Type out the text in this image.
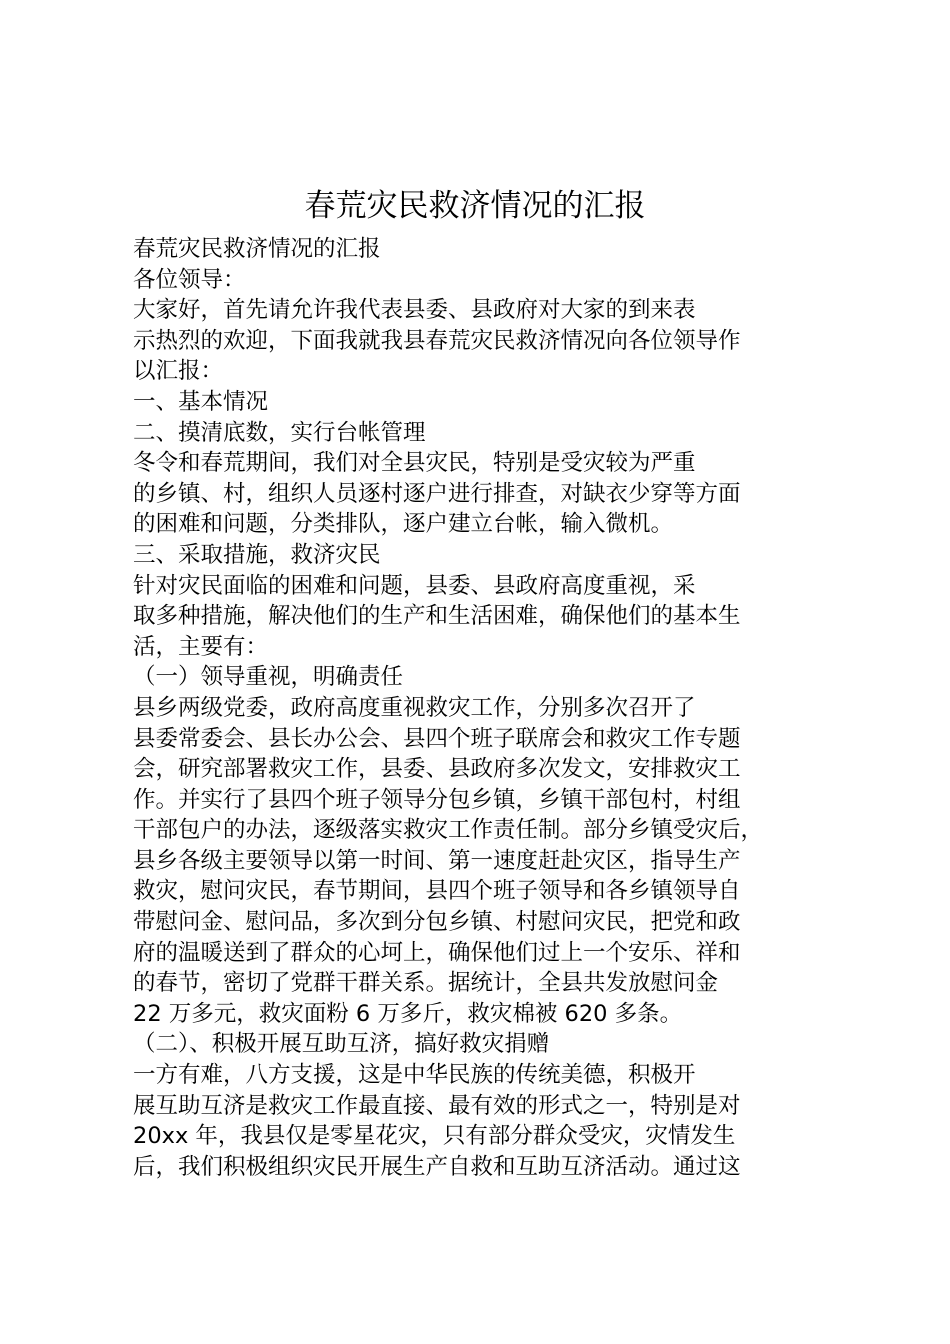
春荒灾民救济情况的汇报

春荒灾民救济情况的汇报

各位领导：

大家好，首先请允许我代表县委、县政府对大家的到来表

示热烈的欢迎，下面我就我县春荒灾民救济情况向各位领导作

以汇报：

一、基本情况

二、摸清底数，实行台帐管理

冬令和春荒期间，我们对全县灾民，特别是受灾较为严重

的乡镇、村，组织人员逐村逐户进行排查，对缺衣少穿等方面

的困难和问题，分类排队，逐户建立台帐，输入微机。

三、采取措施，救济灾民

针对灾民面临的困难和问题，县委、县政府高度重视，采

取多种措施，解决他们的生产和生活困难，确保他们的基本生

活，主要有：

（一）领导重视，明确责任

县乡两级党委，政府高度重视救灾工作，分别多次召开了

县委常委会、县长办公会、县四个班子联席会和救灾工作专题

会，研究部署救灾工作，县委、县政府多次发文，安排救灾工

作。并实行了县四个班子领导分包乡镇，乡镇干部包村，村组

干部包户的办法，逐级落实救灾工作责任制。部分乡镇受灾后，

县乡各级主要领导以第一时间、第一速度赶赴灾区，指导生产

救灾，慰问灾民，春节期间，县四个班子领导和各乡镇领导自

带慰问金、慰问品，多次到分包乡镇、村慰问灾民，把党和政

府的温暖送到了群众的心坷上，确保他们过上一个安乐、祥和

的春节，密切了党群干群关系。据统计，全县共发放慰问金

22 万多元，救灾面粉 6 万多斤，救灾棉被 620 多条。

（二）、积极开展互助互济，搞好救灾捐赠

一方有难，八方支援，这是中华民族的传统美德，积极开

展互助互济是救灾工作最直接、最有效的形式之一，特别是对

20xx 年，我县仅是零星花灾，只有部分群众受灾，灾情发生

后，我们积极组织灾民开展生产自救和互助互济活动。通过这
